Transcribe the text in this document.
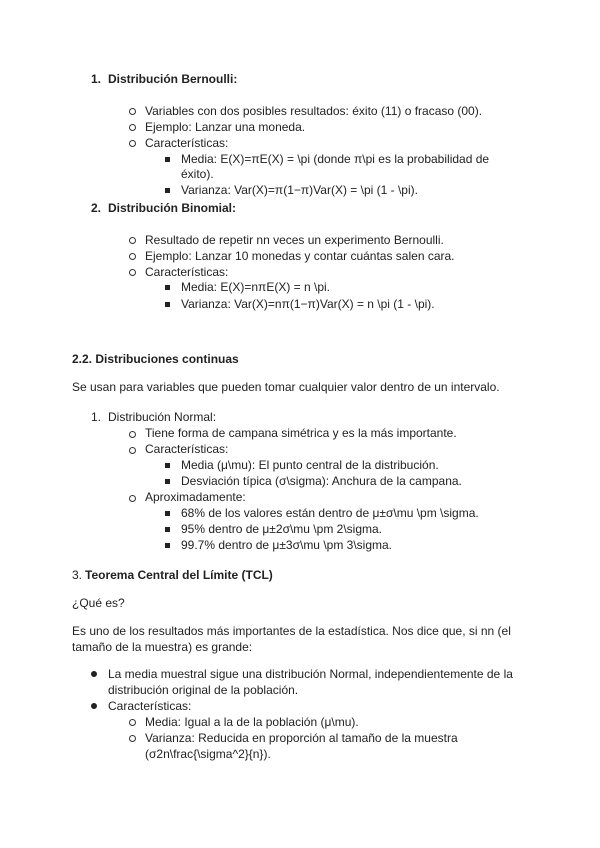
1. Distribución Bernoulli:
Variables con dos posibles resultados: éxito (11) o fracaso (00).
Ejemplo: Lanzar una moneda.
Características:
Media: E(X)=πE(X) = \pi (donde π\pi es la probabilidad de
éxito).
Varianza: Var(X)=π(1−π)Var(X) = \pi (1 - \pi).
2. Distribución Binomial:
Resultado de repetir nn veces un experimento Bernoulli.
Ejemplo: Lanzar 10 monedas y contar cuántas salen cara.
Características:
Media: E(X)=nπE(X) = n \pi.
Varianza: Var(X)=nπ(1−π)Var(X) = n \pi (1 - \pi).
2.2. Distribuciones continuas
Se usan para variables que pueden tomar cualquier valor dentro de un intervalo.
1. Distribución Normal:
Tiene forma de campana simétrica y es la más importante.
Características:
Media (μ\mu): El punto central de la distribución.
Desviación típica (σ\sigma): Anchura de la campana.
Aproximadamente:
68% de los valores están dentro de μ±σ\mu \pm \sigma.
95% dentro de μ±2σ\mu \pm 2\sigma.
99.7% dentro de μ±3σ\mu \pm 3\sigma.
3. Teorema Central del Límite (TCL)
¿Qué es?
Es uno de los resultados más importantes de la estadística. Nos dice que, si nn (el
tamaño de la muestra) es grande:
La media muestral sigue una distribución Normal, independientemente de la
distribución original de la población.
Características:
Media: Igual a la de la población (μ\mu).
Varianza: Reducida en proporción al tamaño de la muestra
(σ2n\frac{\sigma^2}{n}).
